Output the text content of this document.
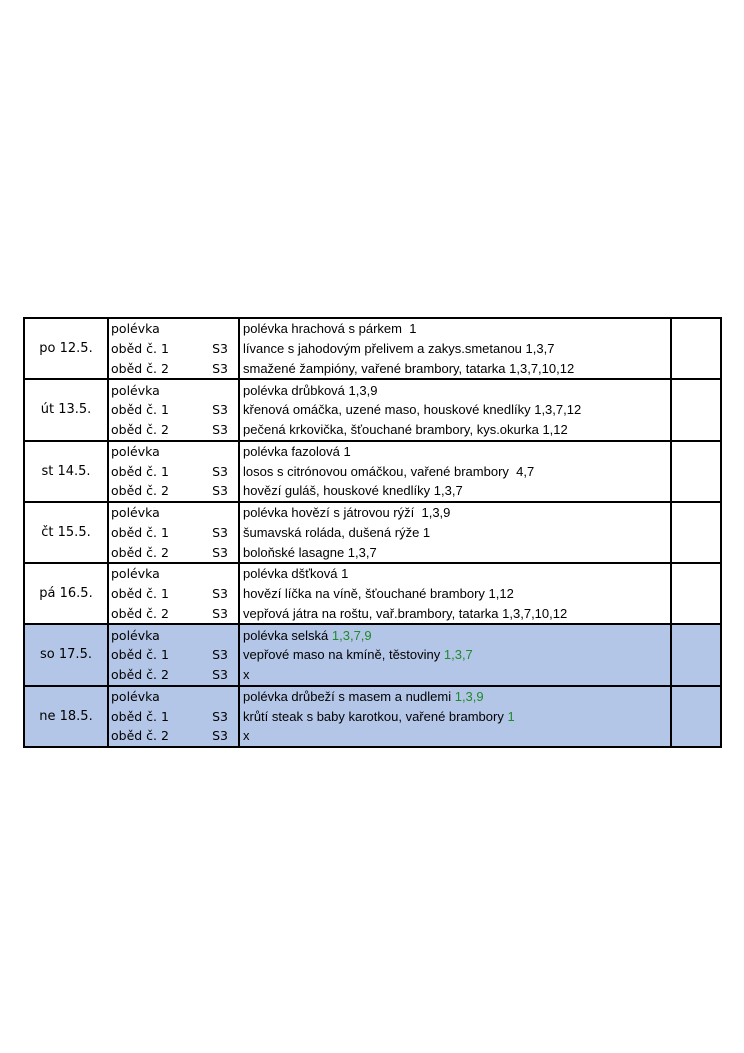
po 12.5.	polévka		polévka hrachová s párkem  1	
	oběd č. 1	S3	lívance s jahodovým přelivem a zakys.smetanou 1,3,7	
	oběd č. 2	S3	smažené žampióny, vařené brambory, tatarka 1,3,7,10,12	
út 13.5.	polévka		polévka drůbková 1,3,9	
	oběd č. 1	S3	křenová omáčka, uzené maso, houskové knedlíky 1,3,7,12	
	oběd č. 2	S3	pečená krkovička, šťouchané brambory, kys.okurka 1,12	
st 14.5.	polévka		polévka fazolová 1	
	oběd č. 1	S3	losos s citrónovou omáčkou, vařené brambory  4,7	
	oběd č. 2	S3	hovězí guláš, houskové knedlíky 1,3,7	
čt 15.5.	polévka		polévka hovězí s játrovou rýží  1,3,9	
	oběd č. 1	S3	šumavská roláda, dušená rýže 1	
	oběd č. 2	S3	boloňské lasagne 1,3,7	
pá 16.5.	polévka		polévka dšťková 1	
	oběd č. 1	S3	hovězí líčka na víně, šťouchané brambory 1,12	
	oběd č. 2	S3	vepřová játra na roštu, vař.brambory, tatarka 1,3,7,10,12	
so 17.5.	polévka		polévka selská 1,3,7,9	
	oběd č. 1	S3	vepřové maso na kmíně, těstoviny 1,3,7	
	oběd č. 2	S3	x	
ne 18.5.	polévka		polévka drůbeží s masem a nudlemi 1,3,9	
	oběd č. 1	S3	krůtí steak s baby karotkou, vařené brambory 1	
	oběd č. 2	S3	x	
